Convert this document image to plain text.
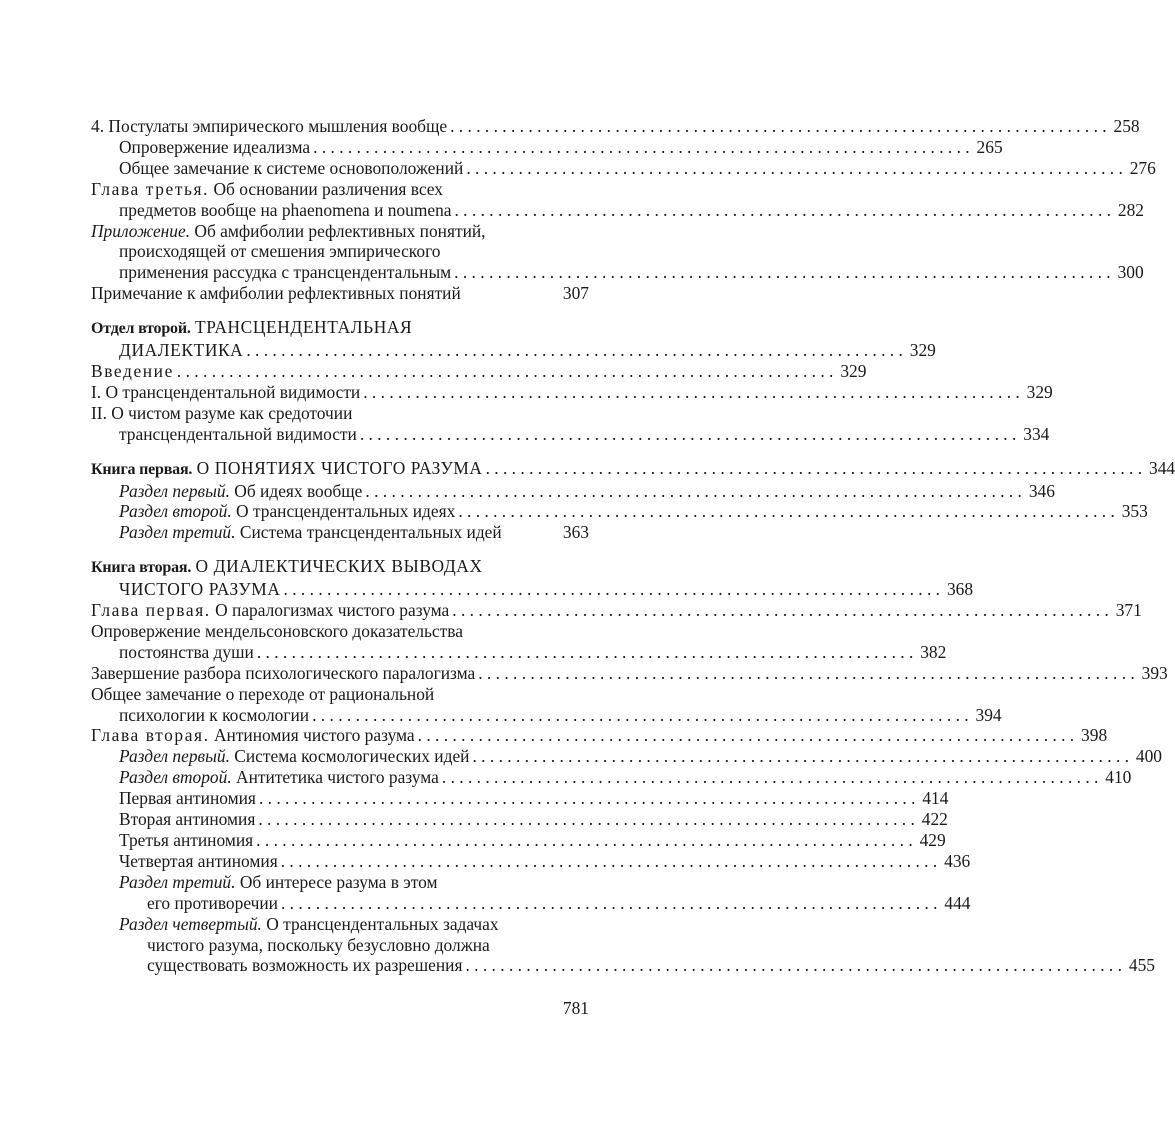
4. Постулаты эмпирического мышления вообще . . .	258
Опровержение идеализма . . .	265
Общее замечание к системе основоположений . . .	276
Глава третья. Об основании различения всех
предметов вообще на phaenomena и noumena . . .	282
Приложение. Об амфиболии рефлективных понятий,
происходящей от смешения эмпирического
применения рассудка с трансцендентальным . . .	300
Примечание к амфиболии рефлективных понятий	307
Отдел второй. ТРАНСЦЕНДЕНТАЛЬНАЯ
ДИАЛЕКТИКА . . .	329
Введение . . .	329
I. О трансцендентальной видимости . . .	329
II. О чистом разуме как средоточии
трансцендентальной видимости . . .	334
Книга первая. О ПОНЯТИЯХ ЧИСТОГО РАЗУМА . . .	344
Раздел первый. Об идеях вообще . . .	346
Раздел второй. О трансцендентальных идеях . . .	353
Раздел третий. Система трансцендентальных идей	363
Книга вторая. О ДИАЛЕКТИЧЕСКИХ ВЫВОДАХ
ЧИСТОГО РАЗУМА . . .	368
Глава первая. О паралогизмах чистого разума . . .	371
Опровержение мендельсоновского доказательства
постоянства души . . .	382
Завершение разбора психологического паралогизма . . .	393
Общее замечание о переходе от рациональной
психологии к космологии . . .	394
Глава вторая. Антиномия чистого разума . . .	398
Раздел первый. Система космологических идей . . .	400
Раздел второй. Антитетика чистого разума . . .	410
Первая антиномия . . .	414
Вторая антиномия . . .	422
Третья антиномия . . .	429
Четвертая антиномия . . .	436
Раздел третий. Об интересе разума в этом
его противоречии . . .	444
Раздел четвертый. О трансцендентальных задачах
чистого разума, поскольку безусловно должна
существовать возможность их разрешения . . .	455
781
